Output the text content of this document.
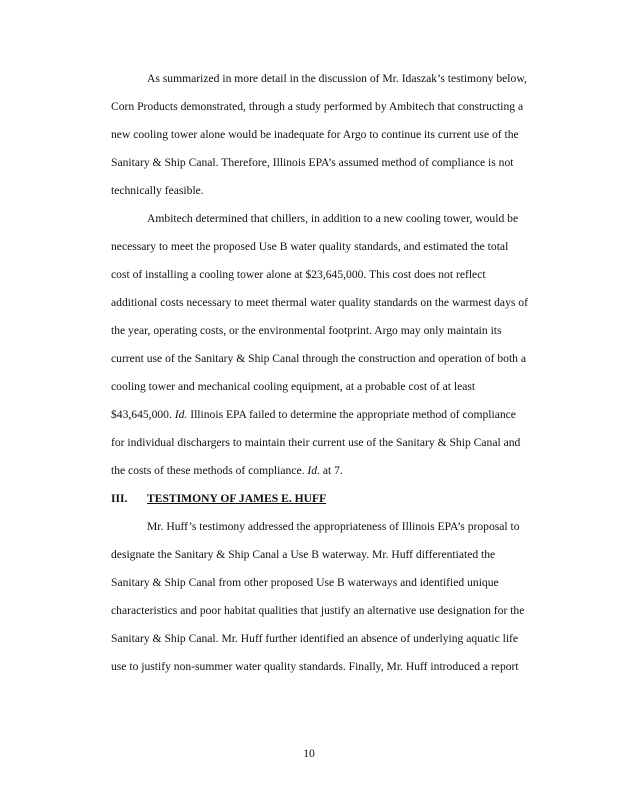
As summarized in more detail in the discussion of Mr. Idaszak’s testimony below,
Corn Products demonstrated, through a study performed by Ambitech that constructing a
new cooling tower alone would be inadequate for Argo to continue its current use of the
Sanitary & Ship Canal. Therefore, Illinois EPA’s assumed method of compliance is not
technically feasible.
Ambitech determined that chillers, in addition to a new cooling tower, would be
necessary to meet the proposed Use B water quality standards, and estimated the total
cost of installing a cooling tower alone at $23,645,000. This cost does not reflect
additional costs necessary to meet thermal water quality standards on the warmest days of
the year, operating costs, or the environmental footprint. Argo may only maintain its
current use of the Sanitary & Ship Canal through the construction and operation of both a
cooling tower and mechanical cooling equipment, at a probable cost of at least
$43,645,000. Id. Illinois EPA failed to determine the appropriate method of compliance
for individual dischargers to maintain their current use of the Sanitary & Ship Canal and
the costs of these methods of compliance. Id. at 7.
III. TESTIMONY OF JAMES E. HUFF
Mr. Huff’s testimony addressed the appropriateness of Illinois EPA’s proposal to
designate the Sanitary & Ship Canal a Use B waterway. Mr. Huff differentiated the
Sanitary & Ship Canal from other proposed Use B waterways and identified unique
characteristics and poor habitat qualities that justify an alternative use designation for the
Sanitary & Ship Canal. Mr. Huff further identified an absence of underlying aquatic life
use to justify non-summer water quality standards. Finally, Mr. Huff introduced a report
10
